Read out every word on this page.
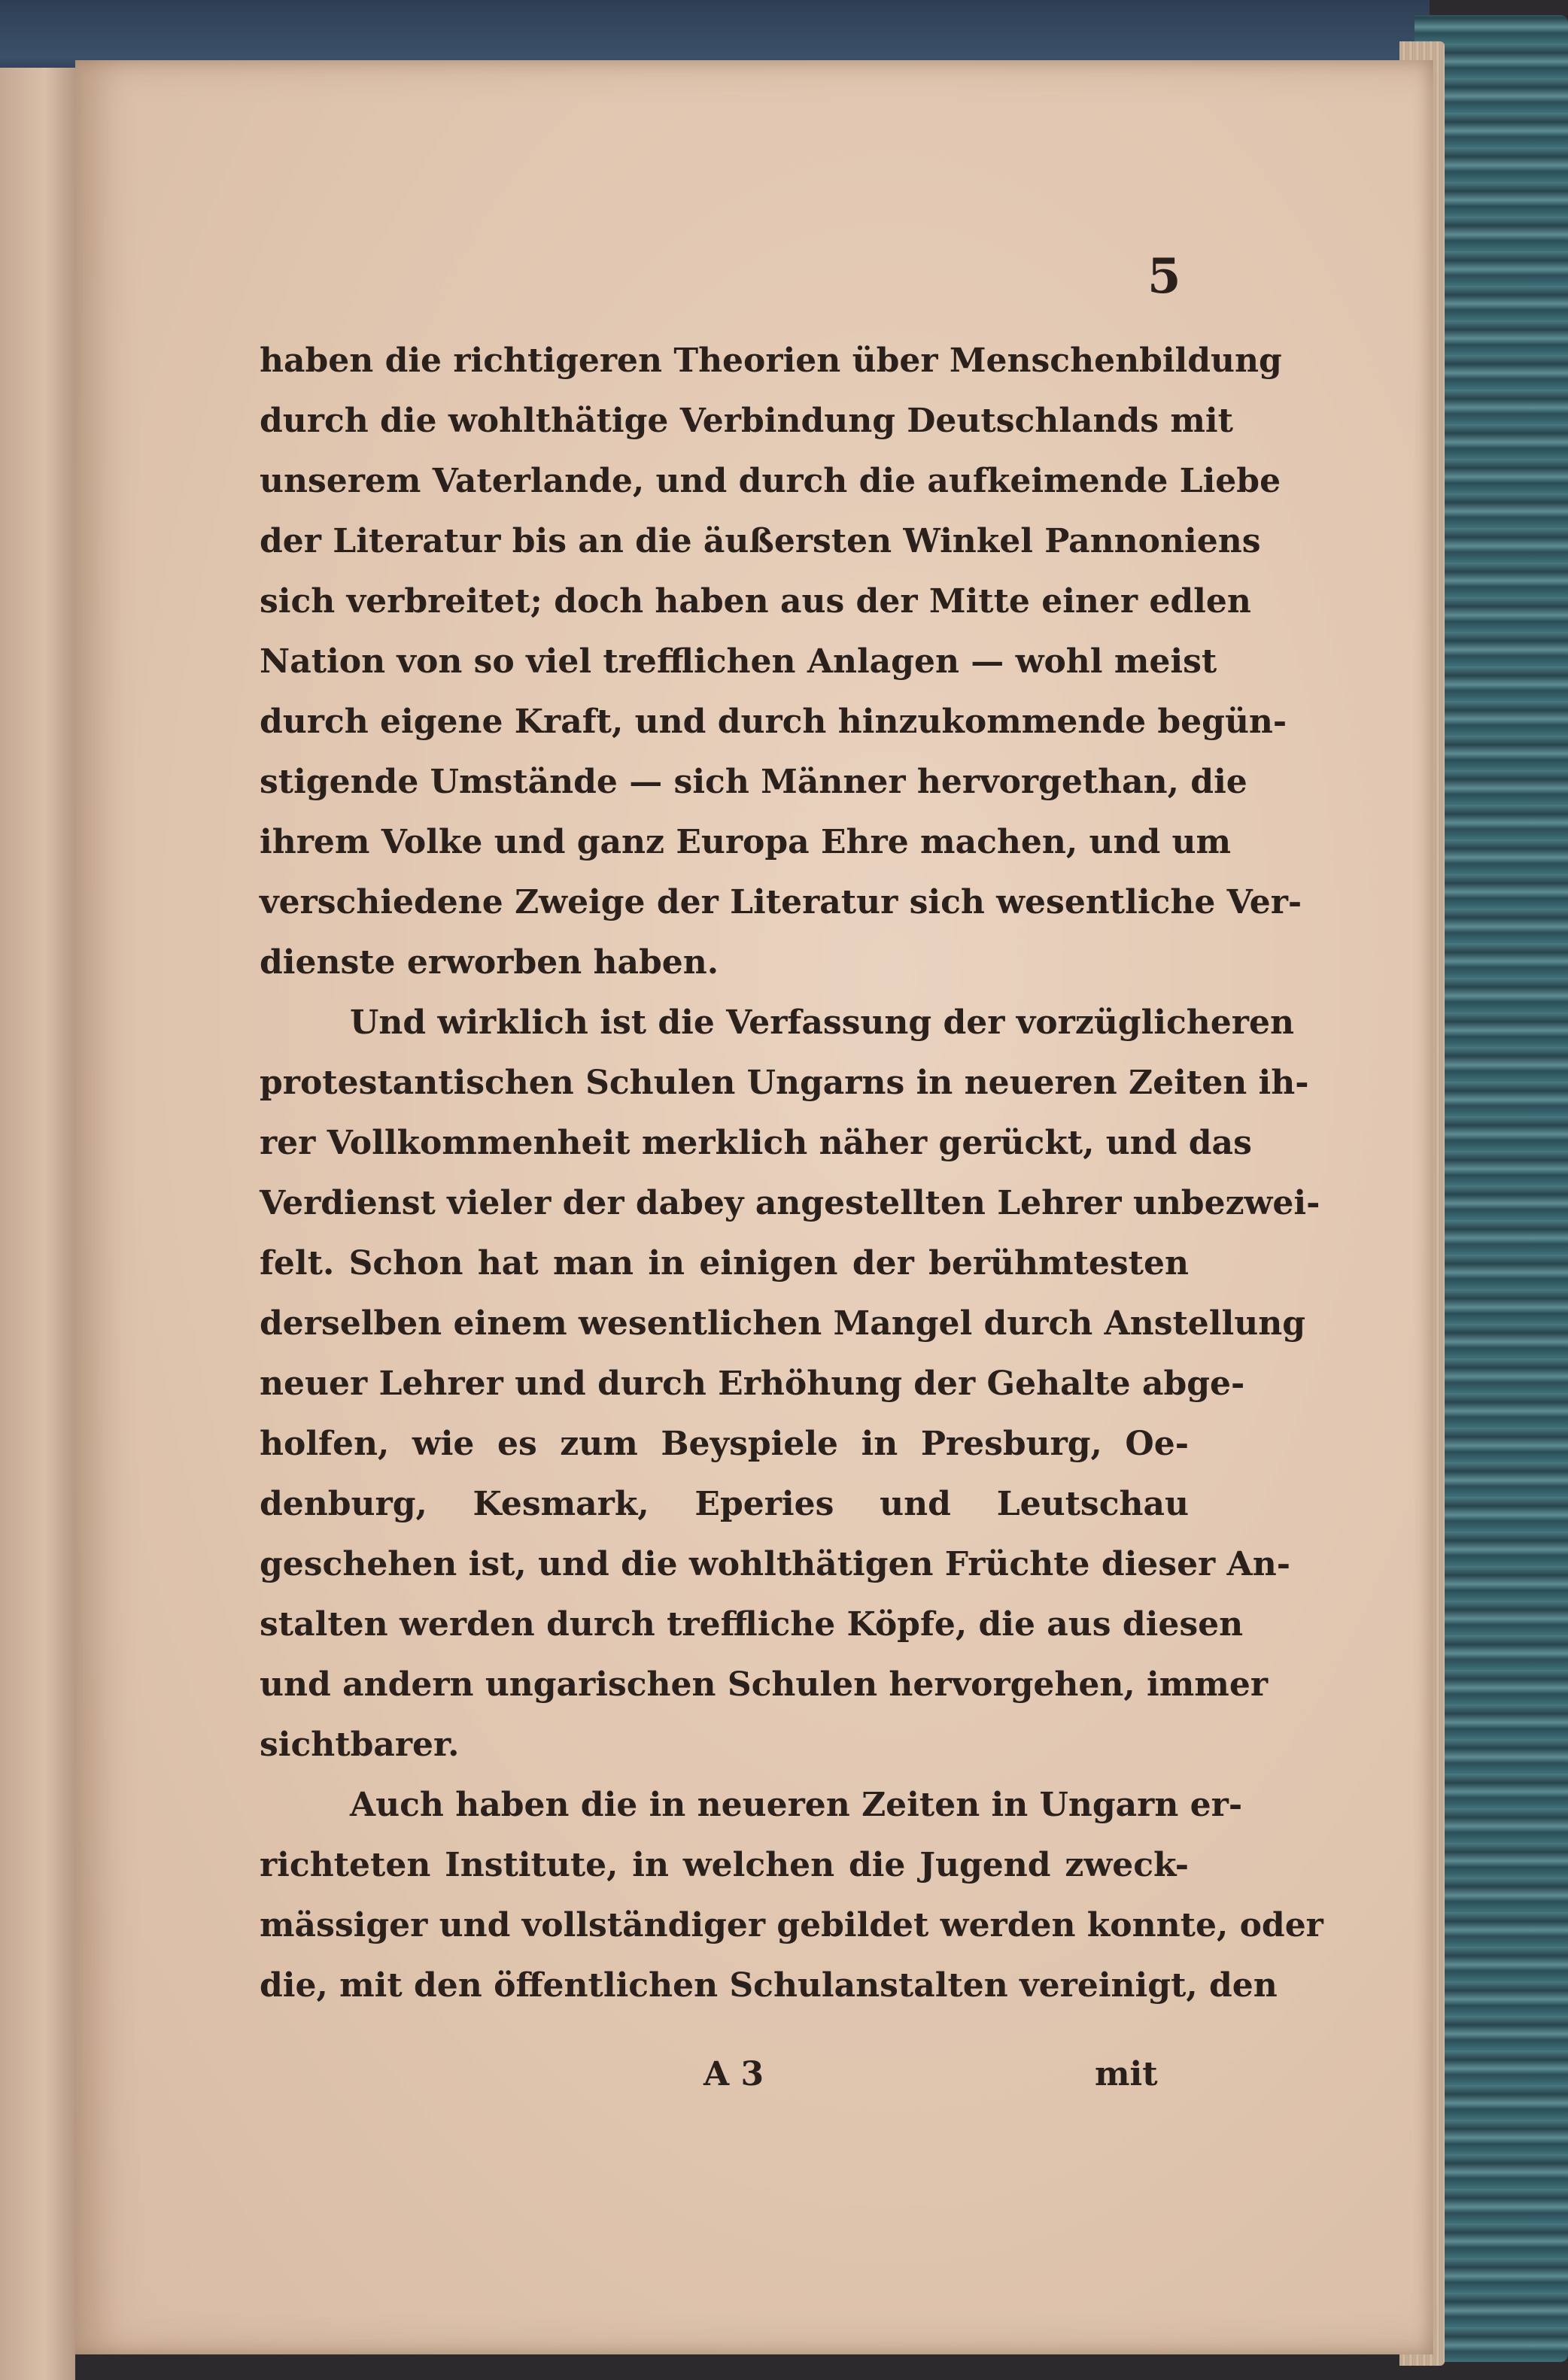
5

haben die richtigeren Theorien über Menschenbildung
durch die wohlthätige Verbindung Deutschlands mit
unserem Vaterlande, und durch die aufkeimende Liebe
der Literatur bis an die äußersten Winkel Pannoniens
sich verbreitet; doch haben aus der Mitte einer edlen
Nation von so viel trefflichen Anlagen — wohl meist
durch eigene Kraft, und durch hinzukommende begün-
stigende Umstände — sich Männer hervorgethan, die
ihrem Volke und ganz Europa Ehre machen, und um
verschiedene Zweige der Literatur sich wesentliche Ver-
dienste erworben haben.
Und wirklich ist die Verfassung der vorzüglicheren
protestantischen Schulen Ungarns in neueren Zeiten ih-
rer Vollkommenheit merklich näher gerückt, und das
Verdienst vieler der dabey angestellten Lehrer unbezwei-
felt. Schon hat man in einigen der berühmtesten
derselben einem wesentlichen Mangel durch Anstellung
neuer Lehrer und durch Erhöhung der Gehalte abge-
holfen, wie es zum Beyspiele in Presburg, Oe-
denburg, Kesmark, Eperies und Leutschau
geschehen ist, und die wohlthätigen Früchte dieser An-
stalten werden durch treffliche Köpfe, die aus diesen
und andern ungarischen Schulen hervorgehen, immer
sichtbarer.
Auch haben die in neueren Zeiten in Ungarn er-
richteten Institute, in welchen die Jugend zweck-
mässiger und vollständiger gebildet werden konnte, oder
die, mit den öffentlichen Schulanstalten vereinigt, den

A 3	mit
